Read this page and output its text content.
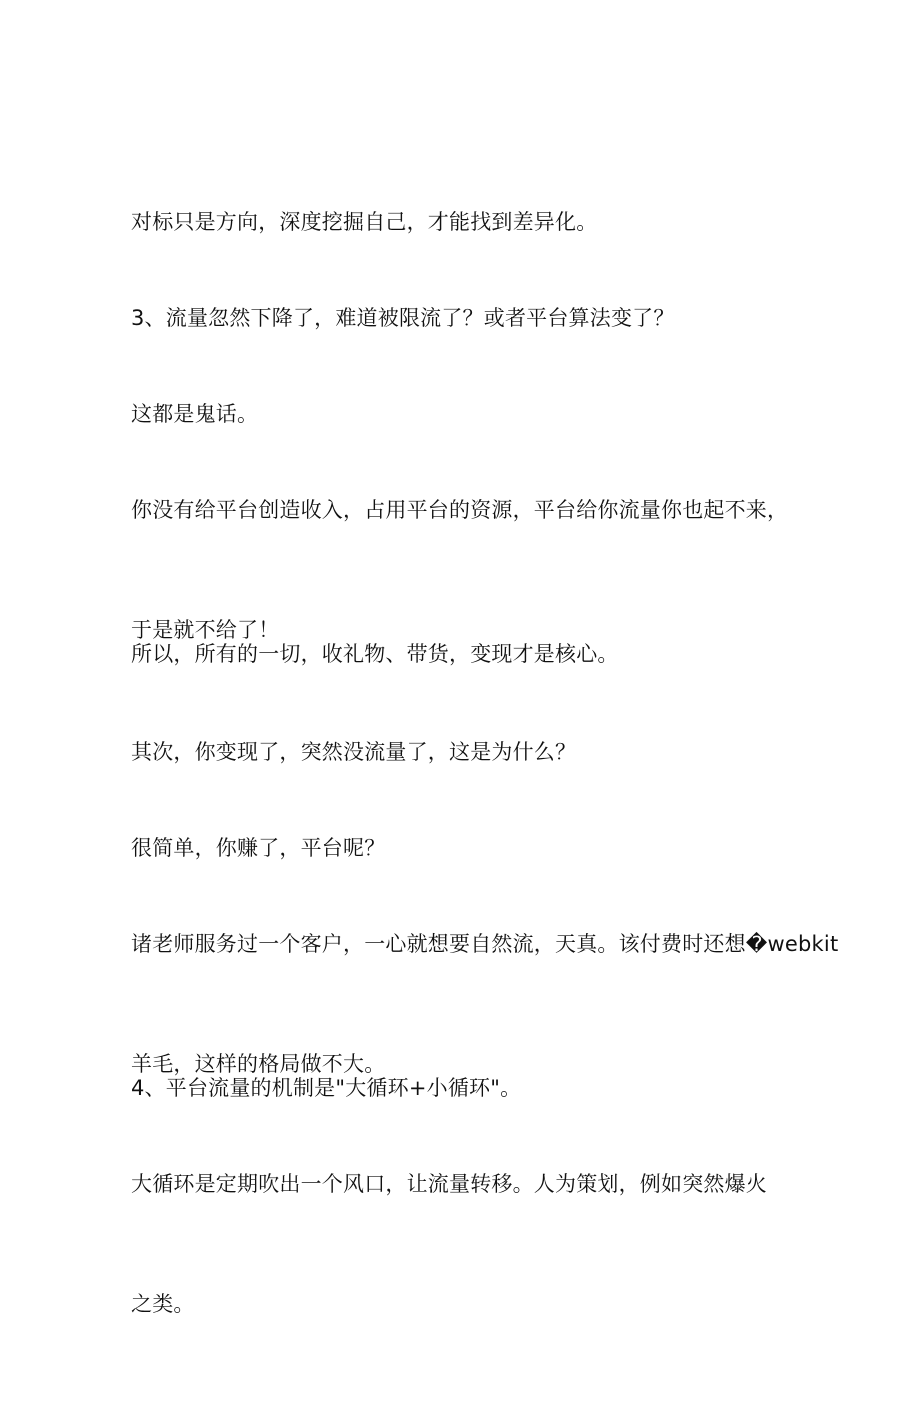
对标只是方向，深度挖掘自己，才能找到差异化。

3、流量忽然下降了，难道被限流了？或者平台算法变了？

这都是鬼话。

你没有给平台创造收入，占用平台的资源，平台给你流量你也起不来，

于是就不给了！

所以，所有的一切，收礼物、带货，变现才是核心。

其次，你变现了，突然没流量了，这是为什么？

很简单，你赚了，平台呢？

诸老师服务过一个客户，一心就想要自然流，天真。该付费时还想�webkit

羊毛，这样的格局做不大。

4、平台流量的机制是"大循环+小循环"。

大循环是定期吹出一个风口，让流量转移。人为策划，例如突然爆火

之类。
